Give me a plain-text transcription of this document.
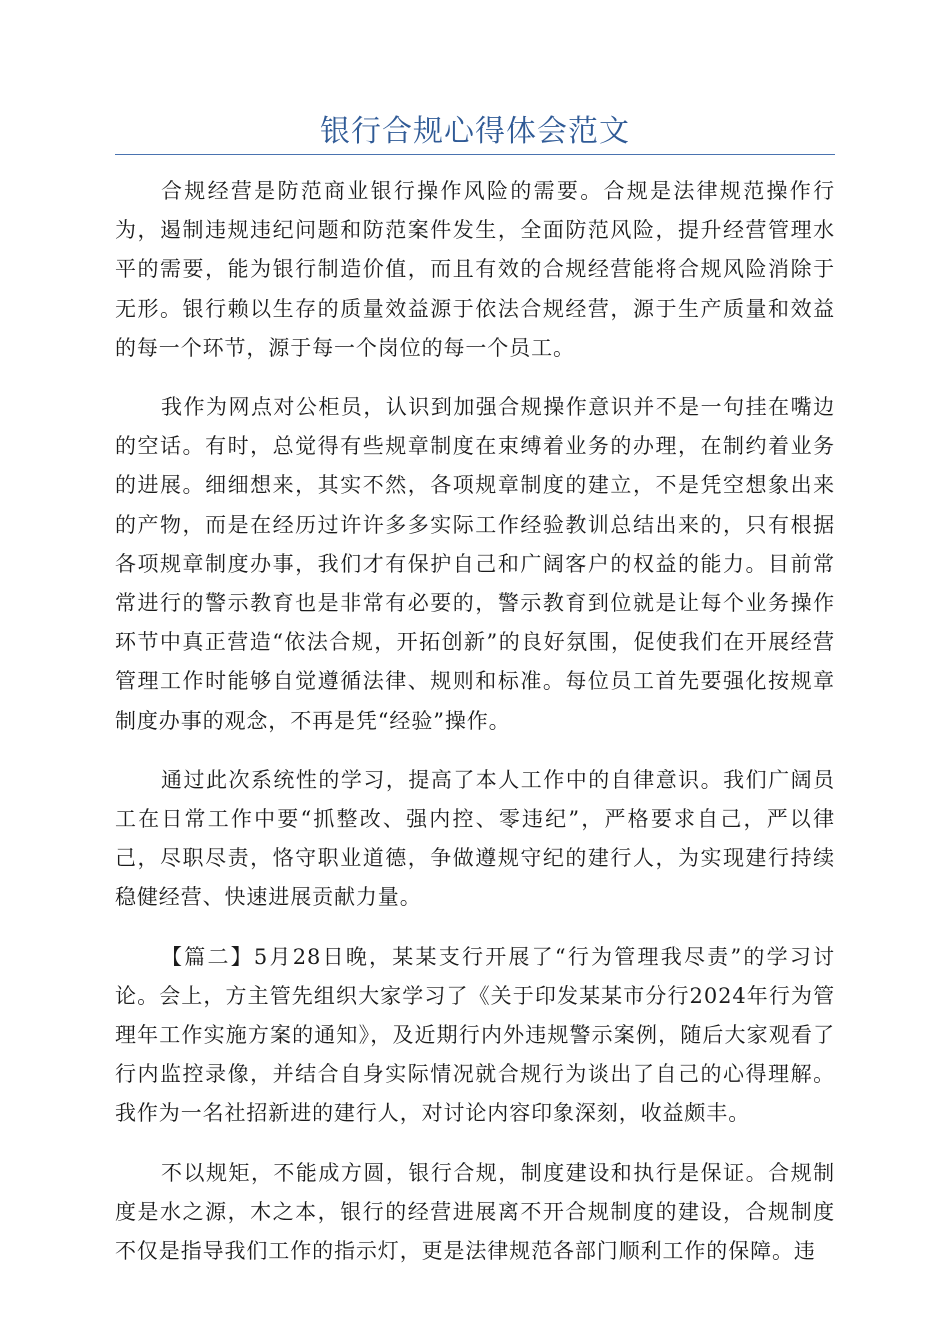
银行合规心得体会范文

合规经营是防范商业银行操作风险的需要。合规是法律规范操作行为，遏制违规违纪问题和防范案件发生，全面防范风险，提升经营管理水平的需要，能为银行制造价值，而且有效的合规经营能将合规风险消除于无形。银行赖以生存的质量效益源于依法合规经营，源于生产质量和效益的每一个环节，源于每一个岗位的每一个员工。

我作为网点对公柜员，认识到加强合规操作意识并不是一句挂在嘴边的空话。有时，总觉得有些规章制度在束缚着业务的办理，在制约着业务的进展。细细想来，其实不然，各项规章制度的建立，不是凭空想象出来的产物，而是在经历过许许多多实际工作经验教训总结出来的，只有根据各项规章制度办事，我们才有保护自己和广阔客户的权益的能力。目前常常进行的警示教育也是非常有必要的，警示教育到位就是让每个业务操作环节中真正营造“依法合规，开拓创新”的良好氛围，促使我们在开展经营管理工作时能够自觉遵循法律、规则和标准。每位员工首先要强化按规章制度办事的观念，不再是凭“经验”操作。

通过此次系统性的学习，提高了本人工作中的自律意识。我们广阔员工在日常工作中要“抓整改、强内控、零违纪”，严格要求自己，严以律己，尽职尽责，恪守职业道德，争做遵规守纪的建行人，为实现建行持续稳健经营、快速进展贡献力量。

【篇二】5月28日晚，某某支行开展了“行为管理我尽责”的学习讨论。会上，方主管先组织大家学习了《关于印发某某市分行2024年行为管理年工作实施方案的通知》，及近期行内外违规警示案例，随后大家观看了行内监控录像，并结合自身实际情况就合规行为谈出了自己的心得理解。我作为一名社招新进的建行人，对讨论内容印象深刻，收益颇丰。

不以规矩，不能成方圆，银行合规，制度建设和执行是保证。合规制度是水之源，木之本，银行的经营进展离不开合规制度的建设，合规制度不仅是指导我们工作的指示灯，更是法律规范各部门顺利工作的保障。违
